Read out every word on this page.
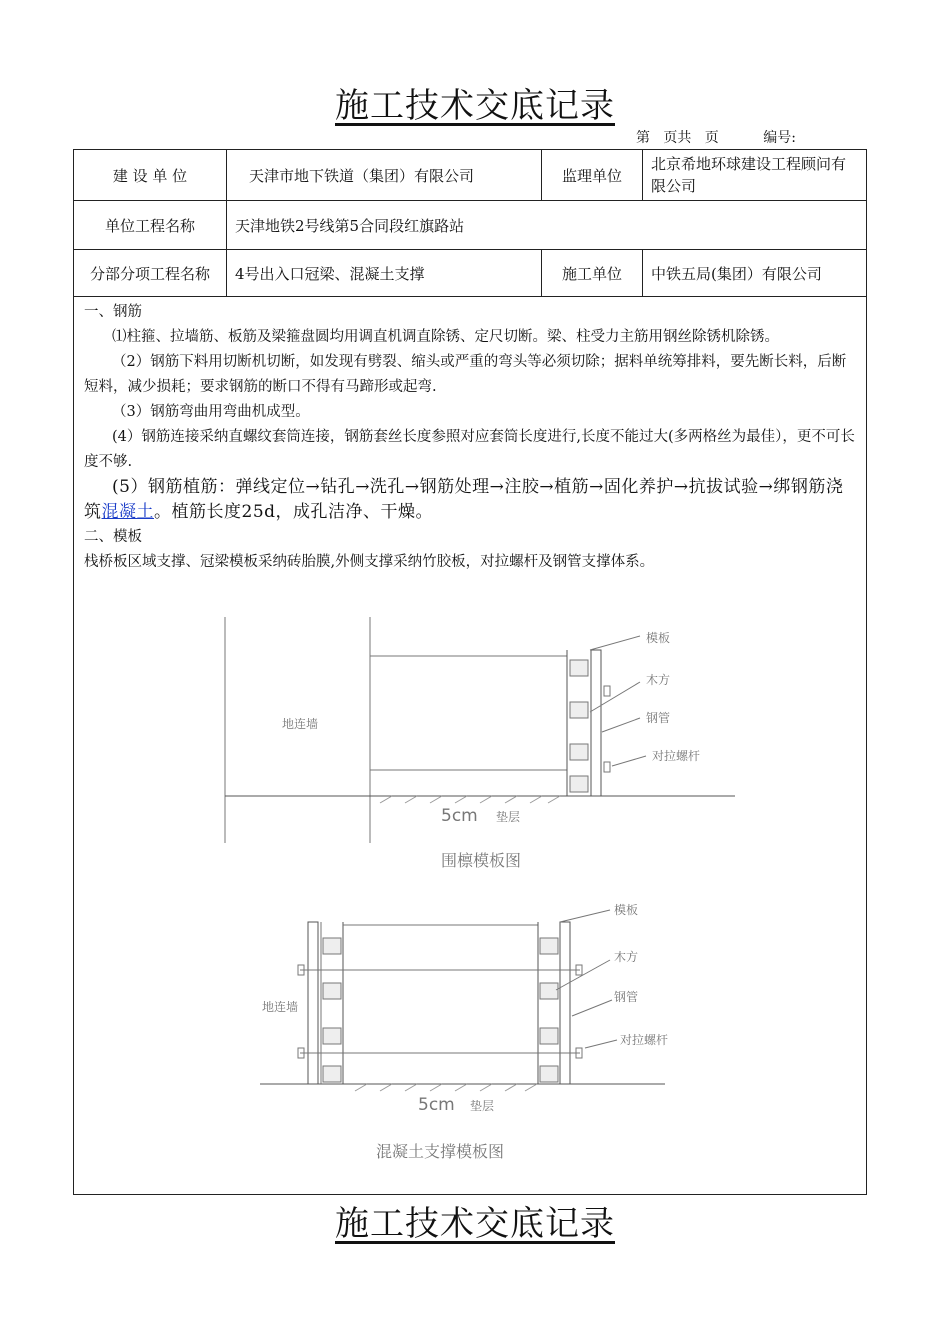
施工技术交底记录
第   页共   页	编号:
建 设 单 位	天津市地下铁道（集团）有限公司	监理单位	北京希地环球建设工程顾问有限公司
单位工程名称	天津地铁2号线第5合同段红旗路站		
分部分项工程名称	4号出入口冠梁、混凝土支撑	施工单位	中铁五局(集团）有限公司

一、钢筋

⑴柱箍、拉墙筋、板筋及梁箍盘圆均用调直机调直除锈、定尺切断。梁、柱受力主筋用钢丝除锈机除锈。

（2）钢筋下料用切断机切断，如发现有劈裂、缩头或严重的弯头等必须切除；据料单统筹排料，要先断长料，后断短料，减少损耗；要求钢筋的断口不得有马蹄形或起弯.

（3）钢筋弯曲用弯曲机成型。

(4）钢筋连接采纳直螺纹套筒连接，钢筋套丝长度参照对应套筒长度进行,长度不能过大(多两格丝为最佳），更不可长度不够.

(5）钢筋植筋：弹线定位→钻孔→洗孔→钢筋处理→注胶→植筋→固化养护→抗拔试验→绑钢筋浇筑混凝土。植筋长度25d，成孔洁净、干燥。

二、模板

栈桥板区域支撑、冠梁模板采纳砖胎膜,外侧支撑采纳竹胶板，对拉螺杆及钢管支撑体系。

地连墙
模板
木方
钢管
对拉螺杆
5cm 垫层
围檩模板图
地连墙
模板
木方
钢管
对拉螺杆
5cm 垫层
混凝土支撑模板图
施工技术交底记录
